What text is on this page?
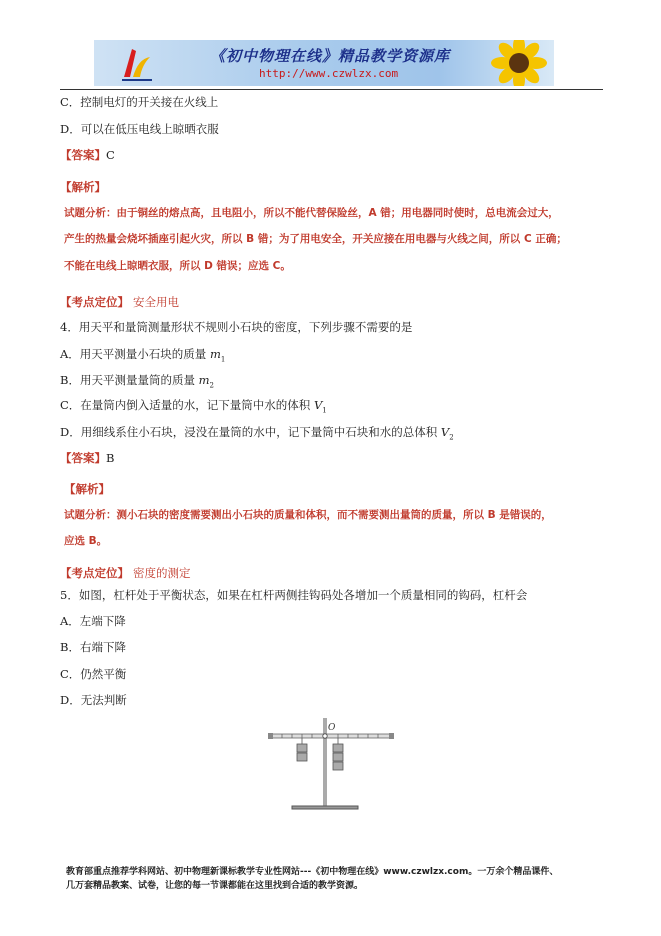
《初中物理在线》精品教学资源库
http://www.czwlzx.com
C．控制电灯的开关接在火线上
D．可以在低压电线上晾晒衣服
【答案】C
【解析】
试题分析：由于铜丝的熔点高，且电阻小，所以不能代替保险丝，A 错；用电器同时使时，总电流会过大，
产生的热量会烧坏插座引起火灾，所以 B 错；为了用电安全，开关应接在用电器与火线之间，所以 C 正确；
不能在电线上晾晒衣服，所以 D 错误；应选 C。
【考点定位】 安全用电
4．用天平和量筒测量形状不规则小石块的密度，下列步骤不需要的是
A．用天平测量小石块的质量 $m_1$
B．用天平测量量筒的质量 $m_2$
C．在量筒内倒入适量的水，记下量筒中水的体积 $V_1$
D．用细线系住小石块，浸没在量筒的水中，记下量筒中石块和水的总体积 $V_2$
【答案】B
【解析】
试题分析：测小石块的密度需要测出小石块的质量和体积，而不需要测出量筒的质量，所以 B 是错误的，
应选 B。
【考点定位】 密度的测定
5．如图，杠杆处于平衡状态，如果在杠杆两侧挂钩码处各增加一个质量相同的钩码，杠杆会
A．左端下降
B．右端下降
C．仍然平衡
D．无法判断
O
教育部重点推荐学科网站、初中物理新课标教学专业性网站---《初中物理在线》www.czwlzx.com。一万余个精品课件、
几万套精品教案、试卷，让您的每一节课都能在这里找到合适的教学资源。
